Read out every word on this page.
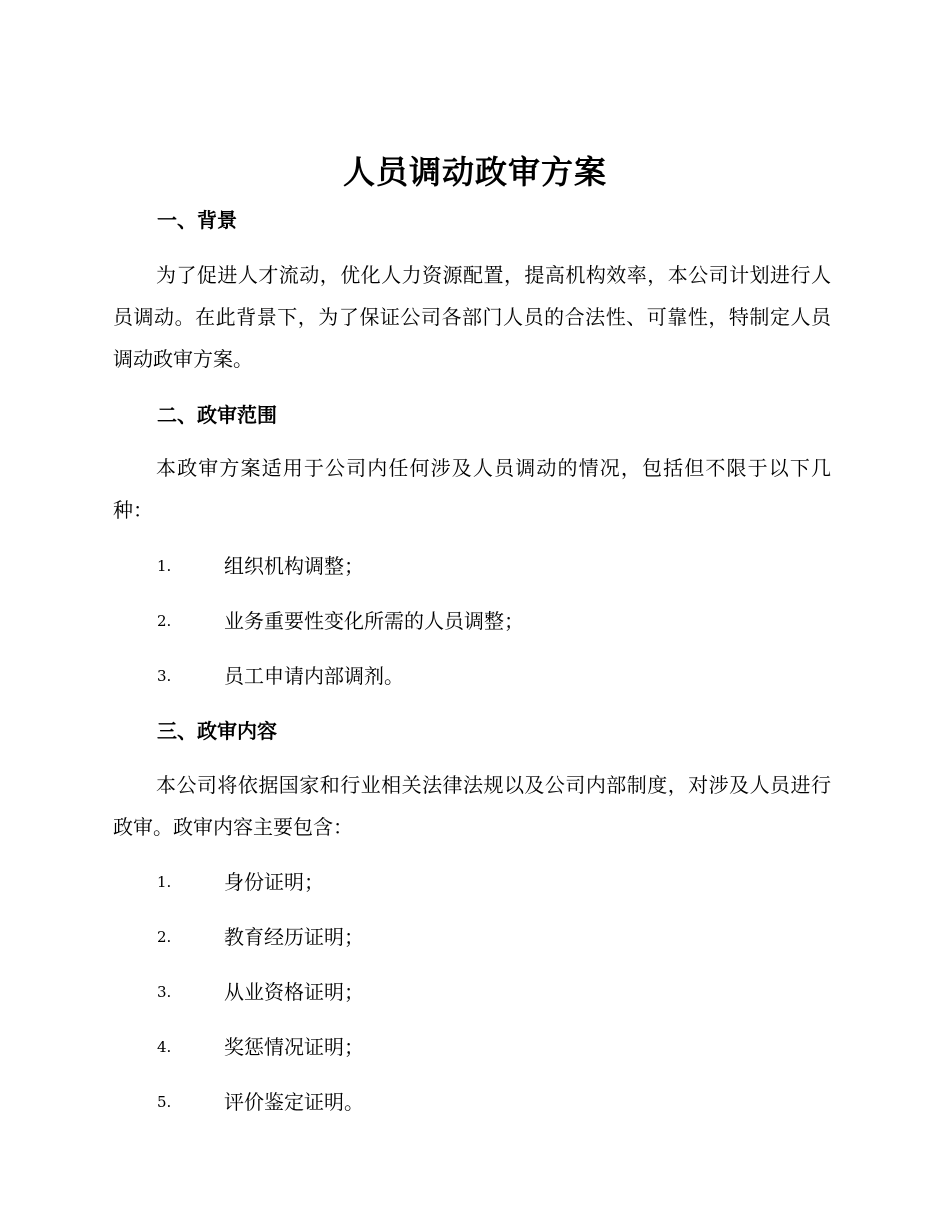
人员调动政审方案
一、背景

为了促进人才流动，优化人力资源配置，提高机构效率，本公司计划进行人员调动。在此背景下，为了保证公司各部门人员的合法性、可靠性，特制定人员调动政审方案。

二、政审范围

本政审方案适用于公司内任何涉及人员调动的情况，包括但不限于以下几种：

1.	组织机构调整；
2.	业务重要性变化所需的人员调整；
3.	员工申请内部调剂。
三、政审内容

本公司将依据国家和行业相关法律法规以及公司内部制度，对涉及人员进行政审。政审内容主要包含：

1.	身份证明；
2.	教育经历证明；
3.	从业资格证明；
4.	奖惩情况证明；
5.	评价鉴定证明。
